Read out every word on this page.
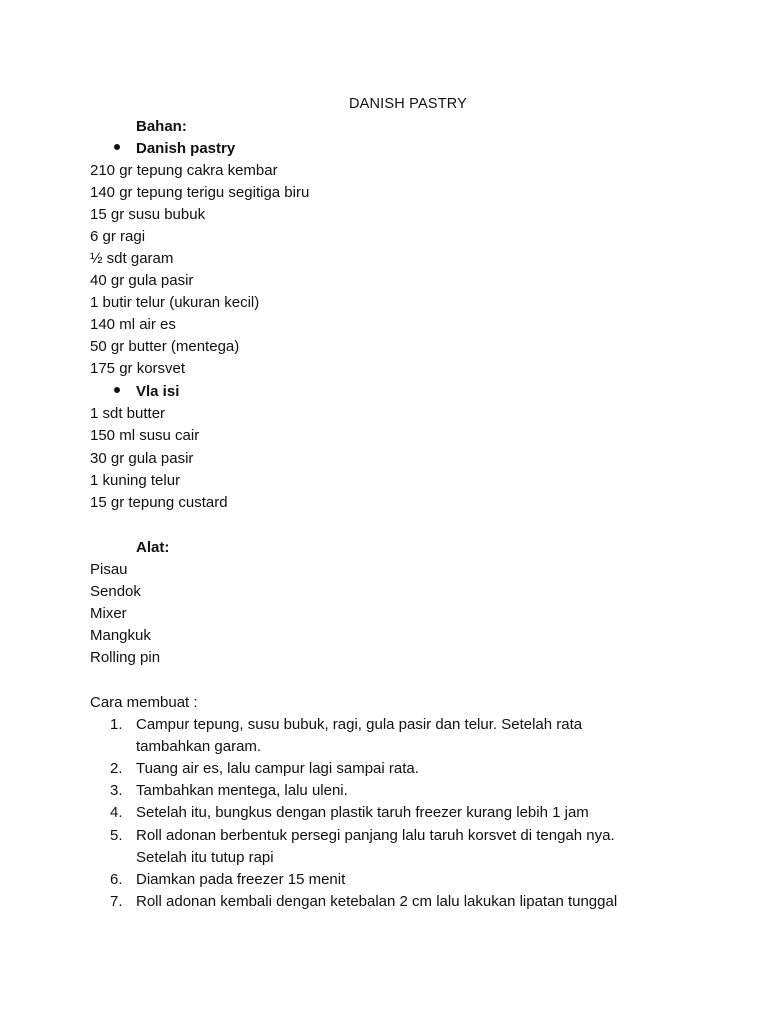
DANISH PASTRY
Bahan:
Danish pastry
210 gr tepung cakra kembar
140 gr tepung terigu segitiga biru
15 gr susu bubuk
6 gr ragi
½ sdt garam
40 gr gula pasir
1 butir telur (ukuran kecil)
140 ml air es
50 gr butter (mentega)
175 gr korsvet
Vla isi
1 sdt butter
150 ml susu cair
30 gr gula pasir
1 kuning telur
15 gr tepung custard
Alat:
Pisau
Sendok
Mixer
Mangkuk
Rolling pin
Cara membuat :
1. Campur tepung, susu bubuk, ragi, gula pasir dan telur. Setelah rata
tambahkan garam.
2. Tuang air es, lalu campur lagi sampai rata.
3. Tambahkan mentega, lalu uleni.
4. Setelah itu, bungkus dengan plastik taruh freezer kurang lebih 1 jam
5. Roll adonan berbentuk persegi panjang lalu taruh korsvet di tengah nya.
Setelah itu tutup rapi
6. Diamkan pada freezer 15 menit
7. Roll adonan kembali dengan ketebalan 2 cm lalu lakukan lipatan tunggal
